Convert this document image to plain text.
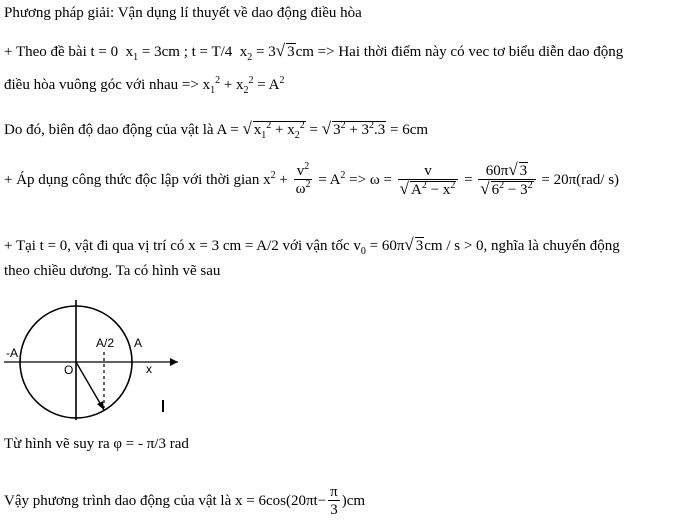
Phương pháp giải: Vận dụng lí thuyết về dao động điều hòa
+ Theo đề bài t = 0 $x_1 = 3cm$ ; t = T/4 $x_2 = 3√$ 3cm => Hai thời điểm này có vec tơ biểu diễn dao động
điều hòa vuông góc với nhau => $x_1^2 + x_2^2 = A^2$
Do đó, biên độ dao động của vật là A = √ $x_1^2 + x_2^2$ = √ $3^2 + 3^2.3 = 6cm$
+ Áp dụng công thức độc lập với thời gian $x^2 + \frac{v^2}{\omega^2} = A^2 => \omega = \frac{v}{√ A^2 - x^2} = \frac{60\pi√ 3}{√ 6^2 - 3^2} = 20\pi(rad/$ s)
+ Tại t = 0, vật đi qua vị trí có x = 3 cm = A/2 với vận tốc $v_0 = 60\pi√$ 3cm / s > 0, nghĩa là chuyển động
theo chiều dương. Ta có hình vẽ sau
-A
O
A/2 A
x
Từ hình vẽ suy ra φ = - π/3 rad
Vậy phương trình dao động của vật là $x = 6\cos(20\pi t- \frac{\pi}{3} )cm$
